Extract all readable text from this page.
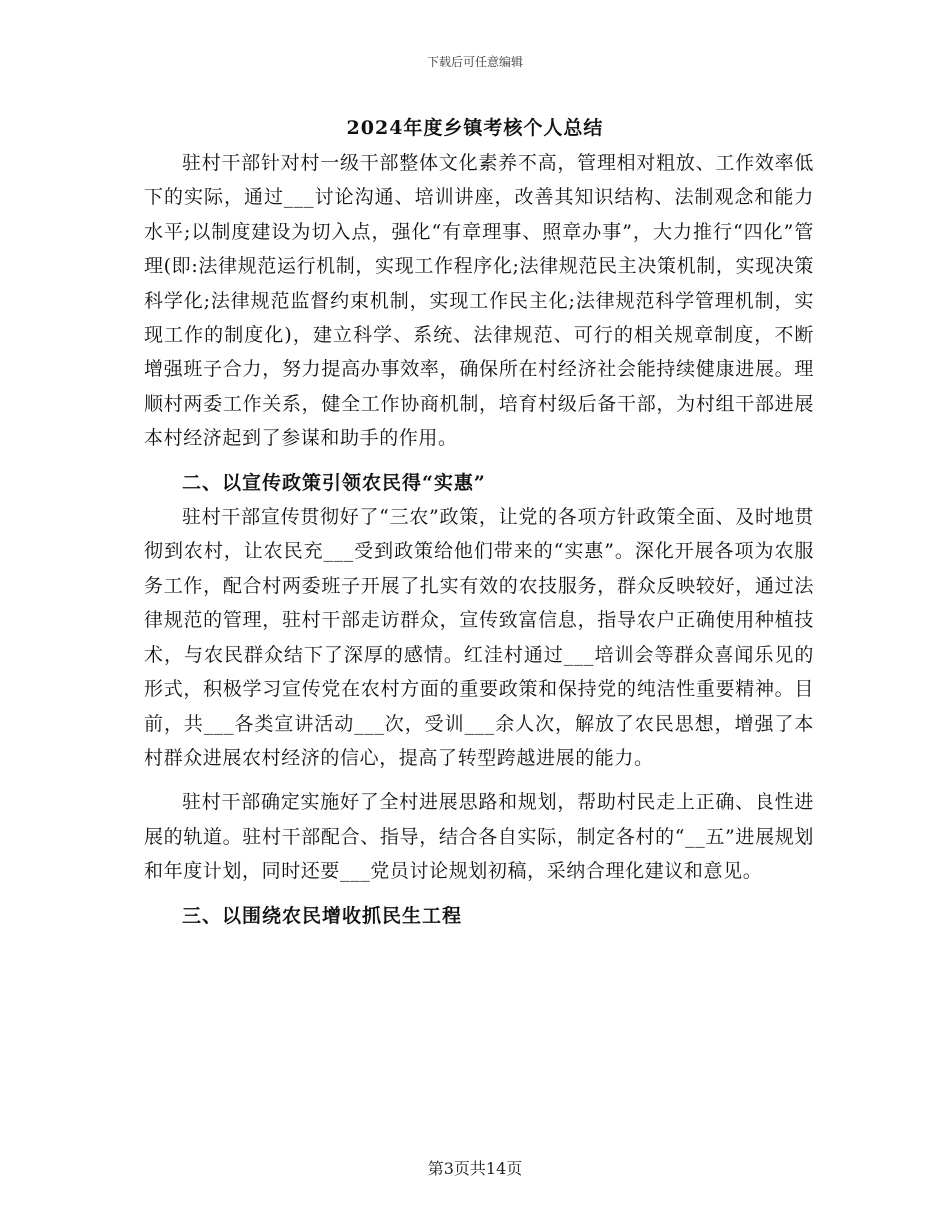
下载后可任意编辑
2024年度乡镇考核个人总结

驻村干部针对村一级干部整体文化素养不高，管理相对粗放、工作效率低下的实际，通过___讨论沟通、培训讲座，改善其知识结构、法制观念和能力水平;以制度建设为切入点，强化“有章理事、照章办事”，大力推行“四化”管理(即:法律规范运行机制，实现工作程序化;法律规范民主决策机制，实现决策科学化;法律规范监督约束机制，实现工作民主化;法律规范科学管理机制，实现工作的制度化)，建立科学、系统、法律规范、可行的相关规章制度，不断增强班子合力，努力提高办事效率，确保所在村经济社会能持续健康进展。理顺村两委工作关系，健全工作协商机制，培育村级后备干部，为村组干部进展本村经济起到了参谋和助手的作用。

二、以宣传政策引领农民得“实惠”

驻村干部宣传贯彻好了“三农”政策，让党的各项方针政策全面、及时地贯彻到农村，让农民充___受到政策给他们带来的“实惠”。深化开展各项为农服务工作，配合村两委班子开展了扎实有效的农技服务，群众反映较好，通过法律规范的管理，驻村干部走访群众，宣传致富信息，指导农户正确使用种植技术，与农民群众结下了深厚的感情。红洼村通过___培训会等群众喜闻乐见的形式，积极学习宣传党在农村方面的重要政策和保持党的纯洁性重要精神。目前，共___各类宣讲活动___次，受训___余人次，解放了农民思想，增强了本村群众进展农村经济的信心，提高了转型跨越进展的能力。

驻村干部确定实施好了全村进展思路和规划，帮助村民走上正确、良性进展的轨道。驻村干部配合、指导，结合各自实际，制定各村的“__五”进展规划和年度计划，同时还要___党员讨论规划初稿，采纳合理化建议和意见。

三、以围绕农民增收抓民生工程
第3页共14页
